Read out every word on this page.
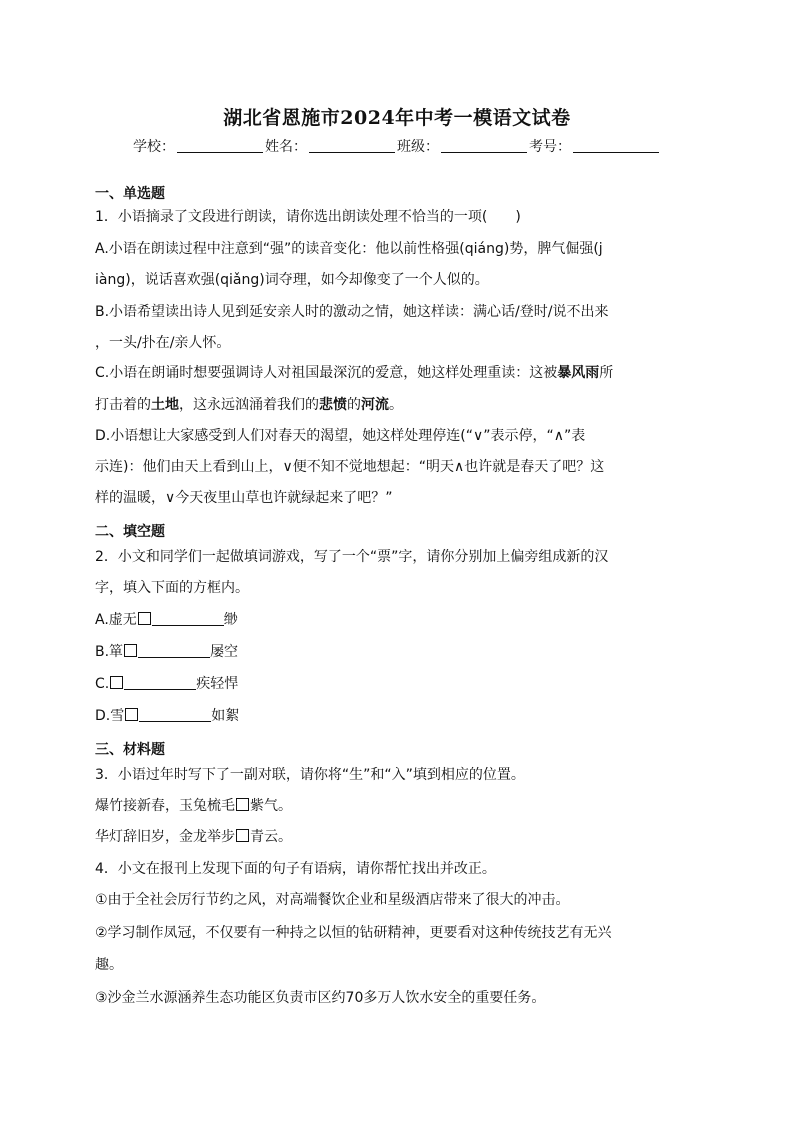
湖北省恩施市2024年中考一模语文试卷
学校：	姓名：	班级：	考号：
一、单选题
1．小语摘录了文段进行朗读，请你选出朗读处理不恰当的一项(　　)
A.小语在朗读过程中注意到“强”的读音变化：他以前性格强(qiáng)势，脾气倔强(j
iàng)，说话喜欢强(qiǎng)词夺理，如今却像变了一个人似的。
B.小语希望读出诗人见到延安亲人时的激动之情，她这样读：满心话/登时/说不出来
，一头/扑在/亲人怀。
C.小语在朗诵时想要强调诗人对祖国最深沉的爱意，她这样处理重读：这被暴风雨所
打击着的土地，这永远汹涌着我们的悲愤的河流。
D.小语想让大家感受到人们对春天的渴望，她这样处理停连(“∨”表示停，“∧”表
示连)：他们由天上看到山上，∨便不知不觉地想起：“明天∧也许就是春天了吧？这
样的温暖，∨今天夜里山草也许就绿起来了吧？”
二、填空题
2．小文和同学们一起做填词游戏，写了一个“票”字，请你分别加上偏旁组成新的汉
字，填入下面的方框内。
A.虚无	缈
B.箪	屡空
C.	疾轻悍
D.雪	如絮
三、材料题
3．小语过年时写下了一副对联，请你将“生”和“入”填到相应的位置。
爆竹接新春，玉兔梳毛 紫气。
华灯辞旧岁，金龙举步 青云。
4．小文在报刊上发现下面的句子有语病，请你帮忙找出并改正。
①由于全社会厉行节约之风，对高端餐饮企业和星级酒店带来了很大的冲击。
②学习制作凤冠，不仅要有一种持之以恒的钻研精神，更要看对这种传统技艺有无兴
趣。
③沙金兰水源涵养生态功能区负责市区约70多万人饮水安全的重要任务。
